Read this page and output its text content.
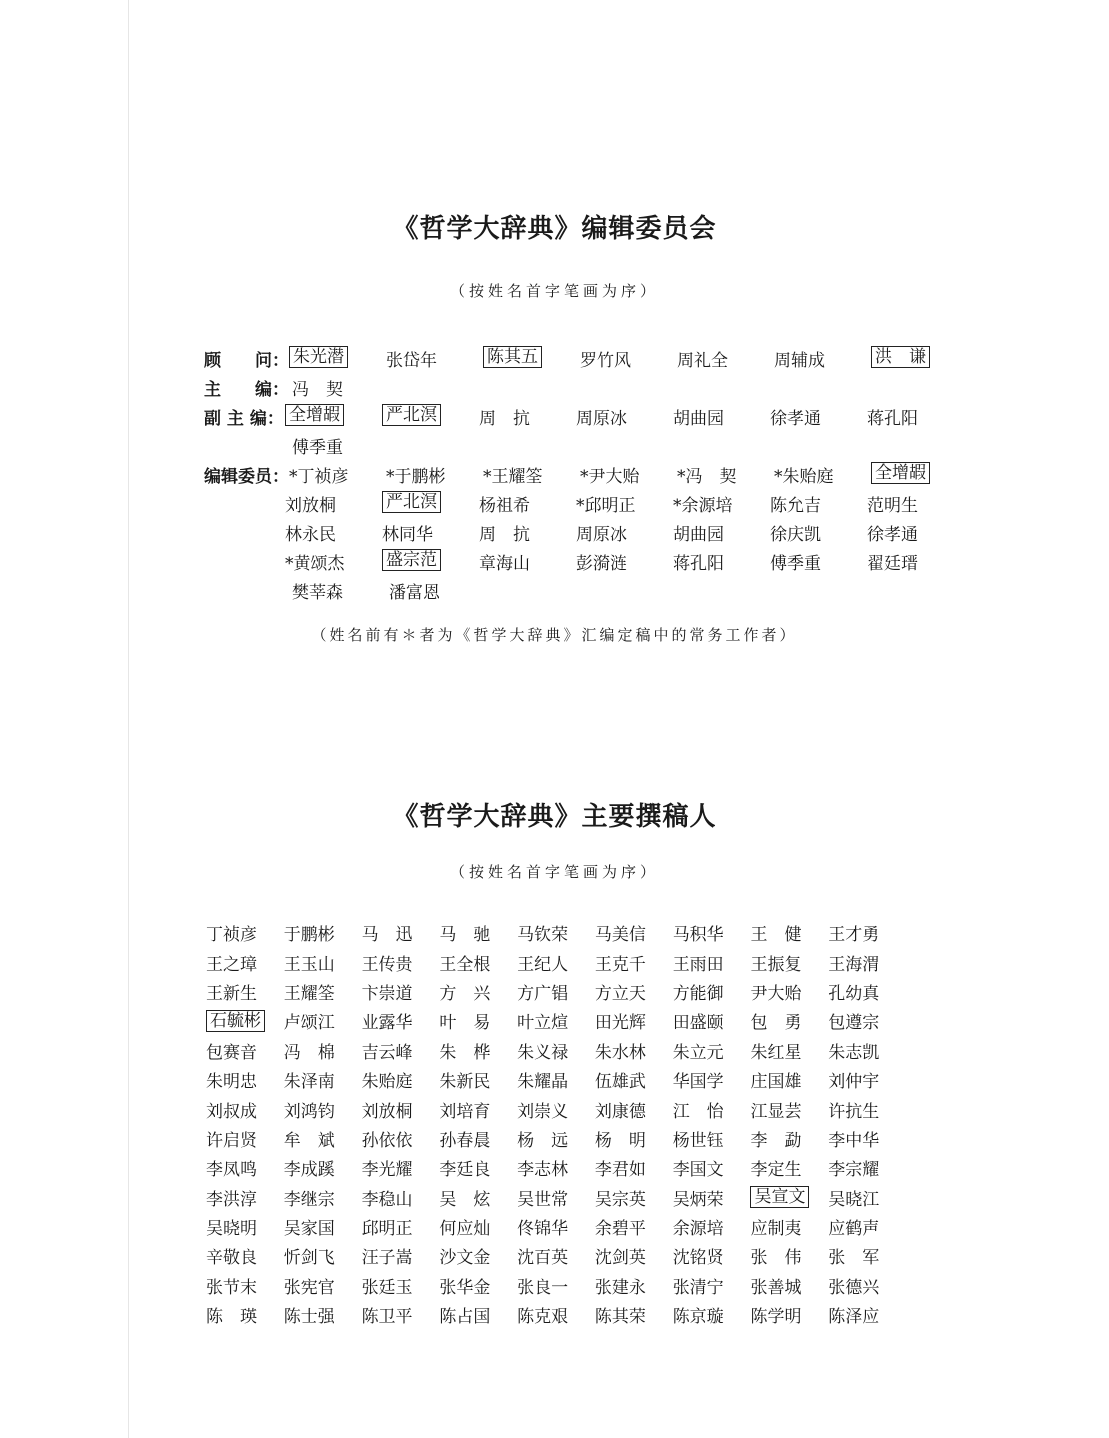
《哲学大辞典》编辑委员会
（按姓名首字笔画为序）
顾　　问： 朱光潜	张岱年	陈其五	罗竹风	周礼全	周辅成	洪　谦
主　　编： 冯　契
副 主 编： 全增嘏	严北溟	周　抗	周原冰	胡曲园	徐孝通	蒋孔阳
傅季重
编辑委员： *丁祯彦	*于鹏彬	*王耀筌	*尹大贻	*冯　契	*朱贻庭	全增嘏
刘放桐	严北溟	杨祖希	*邱明正	*余源培	陈允吉	范明生
林永民	林同华	周　抗	周原冰	胡曲园	徐庆凯	徐孝通
*黄颂杰	盛宗范	章海山	彭漪涟	蒋孔阳	傅季重	翟廷瑨
樊莘森	潘富恩
（姓名前有＊者为《哲学大辞典》汇编定稿中的常务工作者）
《哲学大辞典》主要撰稿人
（按姓名首字笔画为序）
丁祯彦	于鹏彬	马　迅	马　驰	马钦荣	马美信	马积华	王　健	王才勇
王之璋	王玉山	王传贵	王全根	王纪人	王克千	王雨田	王振复	王海渭
王新生	王耀筌	卞崇道	方　兴	方广锠	方立天	方能御	尹大贻	孔幼真
石毓彬	卢颂江	业露华	叶　易	叶立煊	田光辉	田盛颐	包　勇	包遵宗
包赛音	冯　棉	吉云峰	朱　桦	朱义禄	朱水林	朱立元	朱红星	朱志凯
朱明忠	朱泽南	朱贻庭	朱新民	朱耀晶	伍雄武	华国学	庄国雄	刘仲宇
刘叔成	刘鸿钧	刘放桐	刘培育	刘崇义	刘康德	江　怡	江显芸	许抗生
许启贤	牟　斌	孙依依	孙春晨	杨　远	杨　明	杨世钰	李　勐	李中华
李凤鸣	李成蹊	李光耀	李廷良	李志林	李君如	李国文	李定生	李宗耀
李洪淳	李继宗	李稳山	吴　炫	吴世常	吴宗英	吴炳荣	吴宣文	吴晓江
吴晓明	吴家国	邱明正	何应灿	佟锦华	余碧平	余源培	应制夷	应鹤声
辛敬良	忻剑飞	汪子嵩	沙文金	沈百英	沈剑英	沈铭贤	张　伟	张　军
张节末	张宪官	张廷玉	张华金	张良一	张建永	张清宁	张善城	张德兴
陈　瑛	陈士强	陈卫平	陈占国	陈克艰	陈其荣	陈京璇	陈学明	陈泽应
